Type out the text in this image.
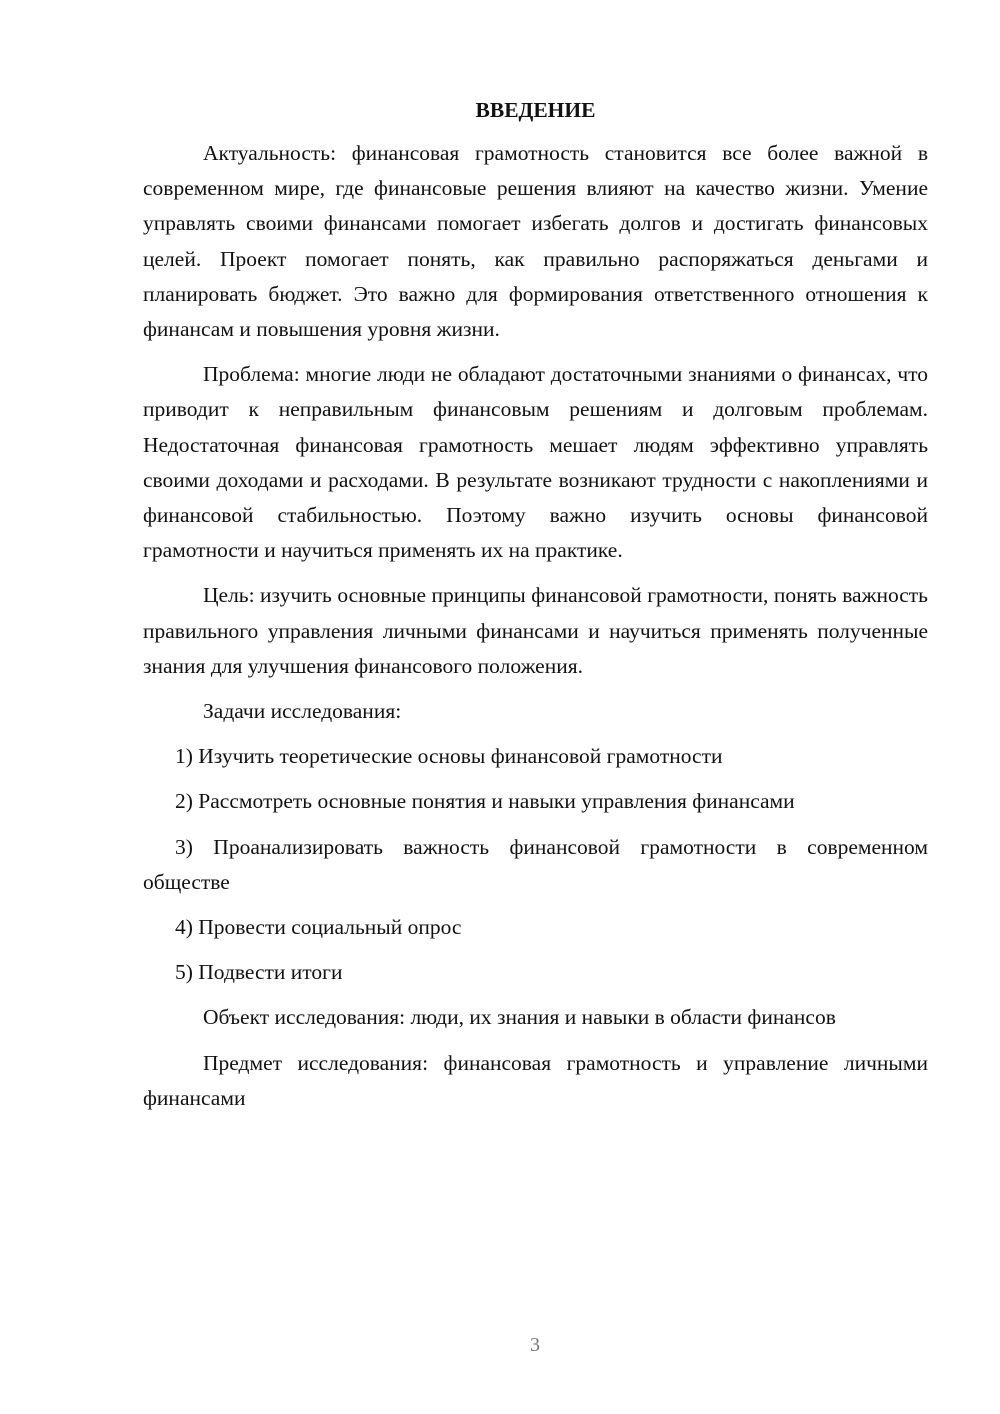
ВВЕДЕНИЕ

Актуальность: финансовая грамотность становится все более важной в современном мире, где финансовые решения влияют на качество жизни. Умение управлять своими финансами помогает избегать долгов и достигать финансовых целей. Проект помогает понять, как правильно распоряжаться деньгами и планировать бюджет. Это важно для формирования ответственного отношения к финансам и повышения уровня жизни.

Проблема: многие люди не обладают достаточными знаниями о финансах, что приводит к неправильным финансовым решениям и долговым проблемам. Недостаточная финансовая грамотность мешает людям эффективно управлять своими доходами и расходами. В результате возникают трудности с накоплениями и финансовой стабильностью. Поэтому важно изучить основы финансовой грамотности и научиться применять их на практике.

Цель: изучить основные принципы финансовой грамотности, понять важность правильного управления личными финансами и научиться применять полученные знания для улучшения финансового положения.

Задачи исследования:

1) Изучить теоретические основы финансовой грамотности

2) Рассмотреть основные понятия и навыки управления финансами

3) Проанализировать важность финансовой грамотности в современном обществе

4) Провести социальный опрос

5) Подвести итоги

Объект исследования: люди, их знания и навыки в области финансов

Предмет исследования: финансовая грамотность и управление личными финансами

3
